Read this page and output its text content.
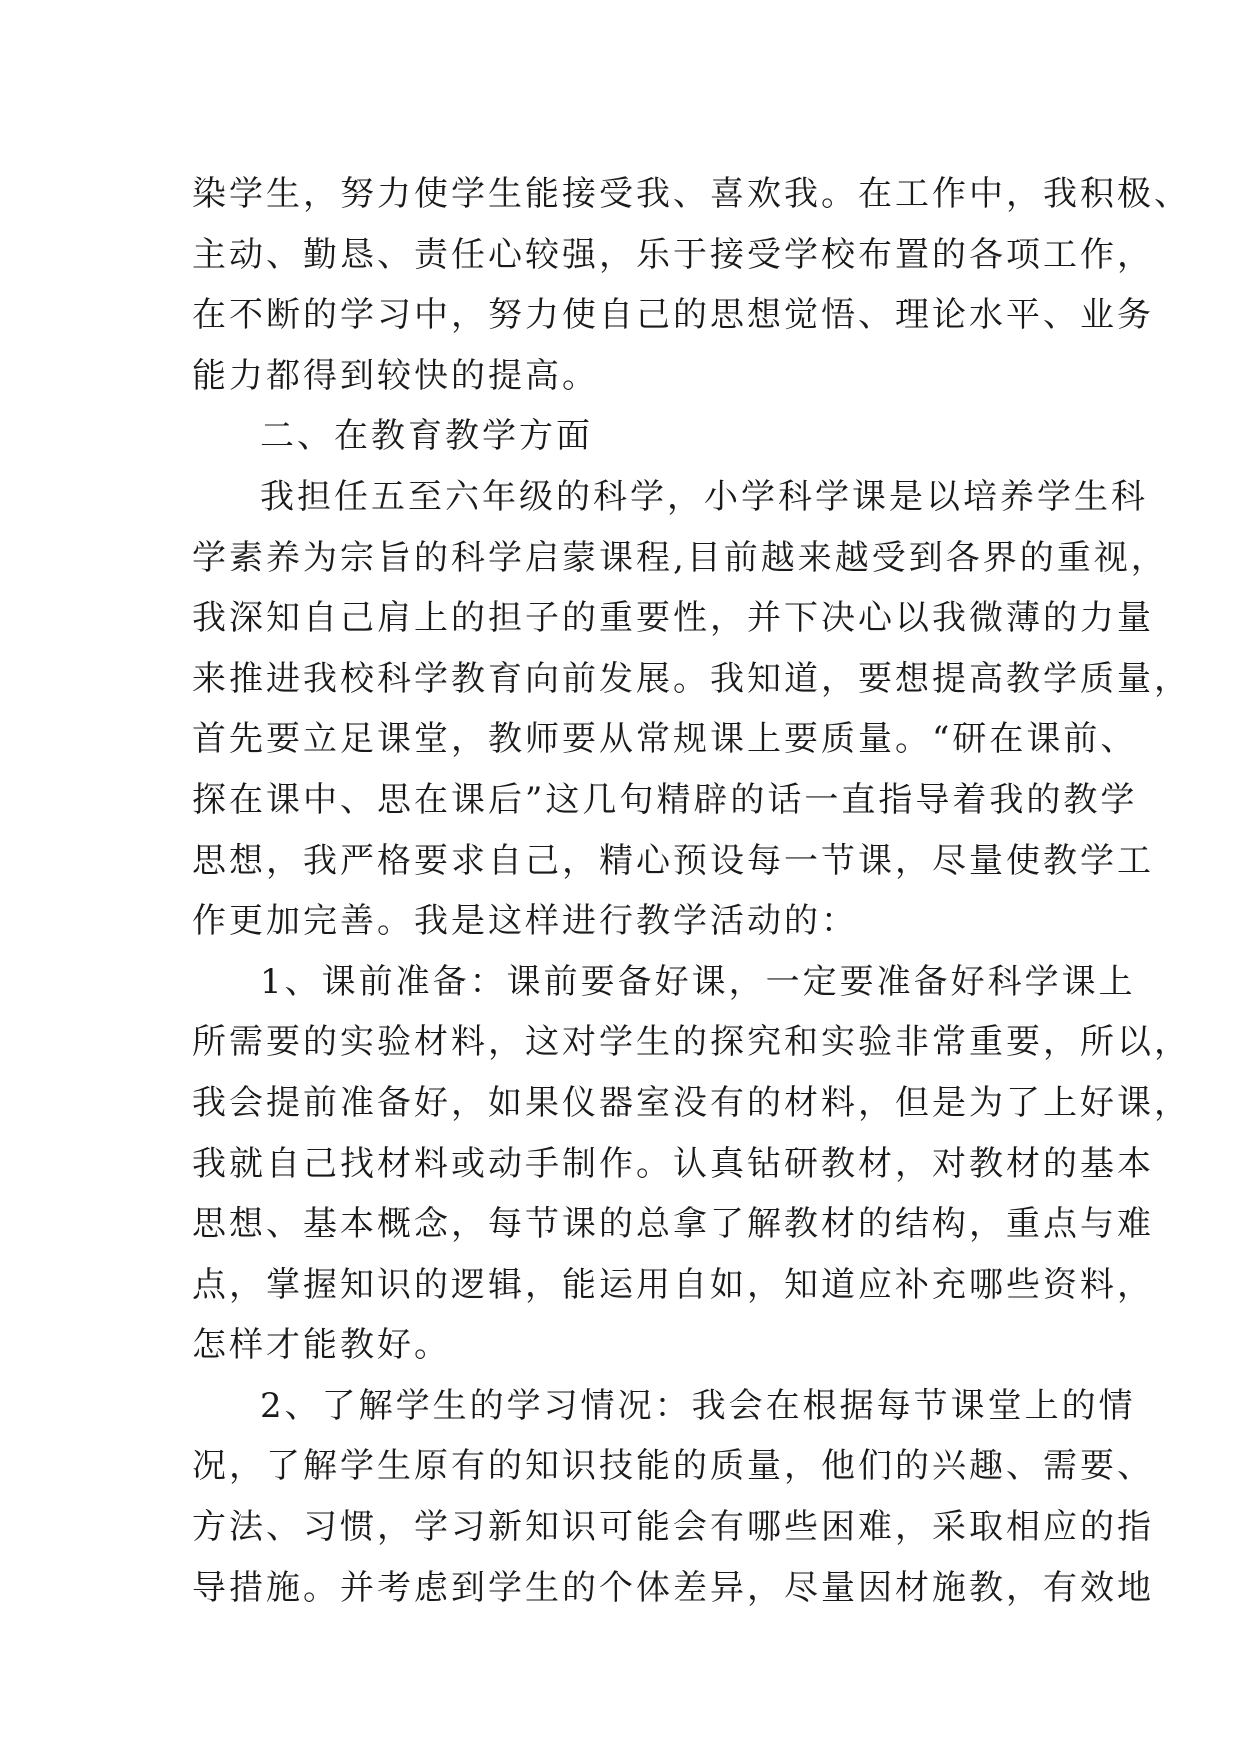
染学生，努力使学生能接受我、喜欢我。在工作中，我积极、
主动、勤恳、责任心较强，乐于接受学校布置的各项工作，
在不断的学习中，努力使自己的思想觉悟、理论水平、业务
能力都得到较快的提高。
二、在教育教学方面
我担任五至六年级的科学，小学科学课是以培养学生科
学素养为宗旨的科学启蒙课程,目前越来越受到各界的重视，
我深知自己肩上的担子的重要性，并下决心以我微薄的力量
来推进我校科学教育向前发展。我知道，要想提高教学质量，
首先要立足课堂，教师要从常规课上要质量。“研在课前、
探在课中、思在课后”这几句精辟的话一直指导着我的教学
思想，我严格要求自己，精心预设每一节课，尽量使教学工
作更加完善。我是这样进行教学活动的：
1、课前准备：课前要备好课，一定要准备好科学课上
所需要的实验材料，这对学生的探究和实验非常重要，所以，
我会提前准备好，如果仪器室没有的材料，但是为了上好课，
我就自己找材料或动手制作。认真钻研教材，对教材的基本
思想、基本概念，每节课的总拿了解教材的结构，重点与难
点，掌握知识的逻辑，能运用自如，知道应补充哪些资料，
怎样才能教好。
2、了解学生的学习情况：我会在根据每节课堂上的情
况，了解学生原有的知识技能的质量，他们的兴趣、需要、
方法、习惯，学习新知识可能会有哪些困难，采取相应的指
导措施。并考虑到学生的个体差异，尽量因材施教，有效地
